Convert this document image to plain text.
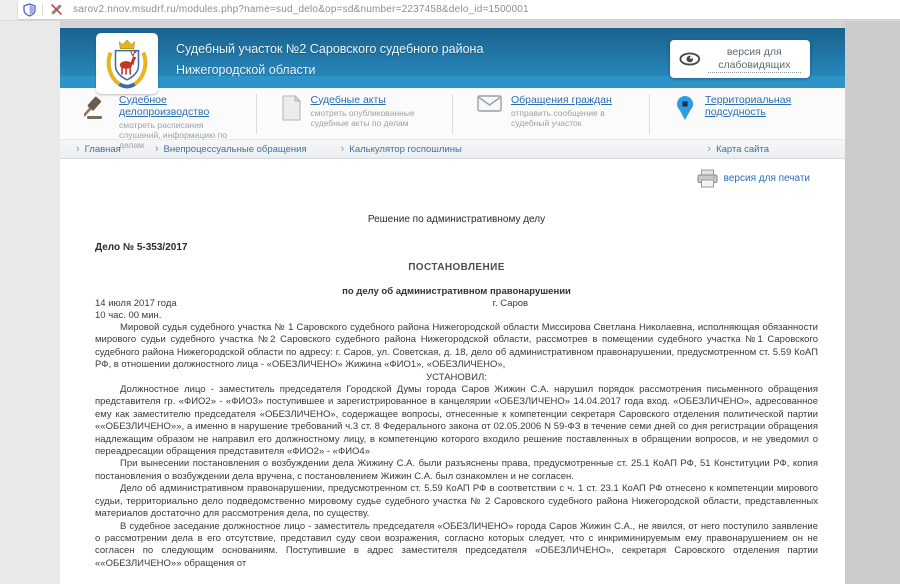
sarov2.nnov.msudrf.ru/modules.php?name=sud_delo&op=sd&number=2237458&delo_id=1500001
Судебный участок №2 Саровского судебного района
Нижегородской области
версия для слабовидящих
Судебное делопроизводство
смотреть расписания слушаний, информацию по делам
Судебные акты
смотреть опубликованные судебные акты по делам
Обращения граждан
отправить сообщение в судебный участок
Территориальная подсудность
›
Главная ›	Внепроцессуальные обращения ›	Калькулятор госпошлины ›	Карта сайта
версия для печати
Решение по административному делу
Дело № 5-353/2017
ПОСТАНОВЛЕНИЕ
по делу об административном правонарушении
14 июля 2017 года	г. Саров
10 час. 00 мин.

Мировой судья судебного участка № 1 Саровского судебного района Нижегородской области Миссирова Светлана Николаевна, исполняющая обязанности мирового судьи судебного участка №2 Саровского судебного района Нижегородской области, рассмотрев в помещении судебного участка №1 Саровского судебного района Нижегородской области по адресу: г. Саров, ул. Советская, д. 18, дело об административном правонарушении, предусмотренном ст. 5.59 КоАП РФ, в отношении должностного лица - «ОБЕЗЛИЧЕНО» Жижина «ФИО1», «ОБЕЗЛИЧЕНО»,

УСТАНОВИЛ:

Должностное лицо - заместитель председателя Городской Думы города Саров Жижин С.А. нарушил порядок рассмотрения письменного обращения представителя гр. «ФИО2» - «ФИО3» поступившее и зарегистрированное в канцелярии «ОБЕЗЛИЧЕНО» 14.04.2017 года вход. «ОБЕЗЛИЧЕНО», адресованное ему как заместителю председателя «ОБЕЗЛИЧЕНО», содержащее вопросы, отнесенные к компетенции секретаря Саровского отделения политической партии ««ОБЕЗЛИЧЕНО»», а именно в нарушение требований ч.3 ст. 8 Федерального закона от 02.05.2006 N 59-ФЗ в течение семи дней со дня регистрации обращения надлежащим образом не направил его должностному лицу, в компетенцию которого входило решение поставленных в обращении вопросов, и не уведомил о переадресации обращения представителя «ФИО2» - «ФИО4»

При вынесении постановления о возбуждении дела Жижину С.А. были разъяснены права, предусмотренные ст. 25.1 КоАП РФ, 51 Конституции РФ, копия постановления о возбуждении дела вручена, с постановлением Жижин С.А. был ознакомлен и не согласен.

Дело об административном правонарушении, предусмотренном ст. 5.59 КоАП РФ в соответствии с ч. 1 ст. 23.1 КоАП РФ отнесено к компетенции мирового судьи, территориально дело подведомственно мировому судье судебного участка № 2 Саровского судебного района Нижегородской области, представленных материалов достаточно для рассмотрения дела, по существу.

В судебное заседание должностное лицо - заместитель председателя «ОБЕЗЛИЧЕНО» города Саров Жижин С.А., не явился, от него поступило заявление о рассмотрении дела в его отсутствие, представил суду свои возражения, согласно которых следует, что с инкриминируемым ему правонарушением он не согласен по следующим основаниям. Поступившие в адрес заместителя председателя «ОБЕЗЛИЧЕНО», секретаря Саровского отделения партии ««ОБЕЗЛИЧЕНО»» обращения от
